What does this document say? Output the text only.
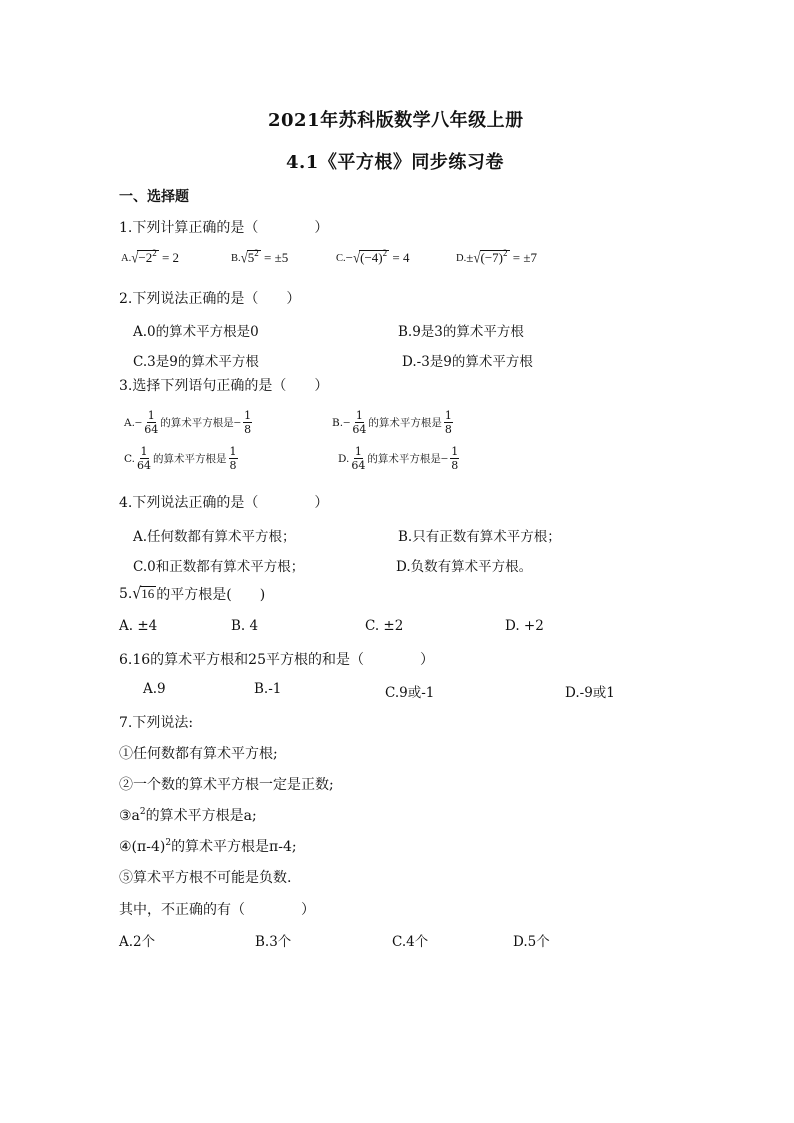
2021年苏科版数学八年级上册
4.1《平方根》同步练习卷
一、选择题
1.下列计算正确的是（　　　　）
A. √ $-2^2$
= 2	B. √ $5^2$
= ±5	C. − √ $(-4)^2$
= 4	D. ± √ $(-7)^2$
= ±7
2.下列说法正确的是（　　）
A.0的算术平方根是0	B.9是3的算术平方根
C.3是9的算术平方根	D.-3是9的算术平方根
3.选择下列语句正确的是（　　）
A. − $\frac{1}{64}$ 的算术平方根是 − $\frac{1}{8}$	B. − $\frac{1}{64}$ 的算术平方根是 $\frac{1}{8}$
C. $\frac{1}{64}$ 的算术平方根是 $\frac{1}{8}$	D. $\frac{1}{64}$ 的算术平方根是 − $\frac{1}{8}$
4.下列说法正确的是（　　　　）
A.任何数都有算术平方根；	B.只有正数有算术平方根；
C.0和正数都有算术平方根；	D.负数有算术平方根。
5. √ 16 的平方根是(　　)
A. ±4	B. 4	C. ±2	D. +2
6.16的算术平方根和25平方根的和是（　　　　）
A.9	B.-1	C.9或-1	D.-9或1
7.下列说法:
①任何数都有算术平方根;
②一个数的算术平方根一定是正数;
$③a^2$的算术平方根是a;
$④(\pi-4)^2$的算术平方根是π-4;
⑤算术平方根不可能是负数.
其中，不正确的有（　　　　）
A.2个	B.3个	C.4个	D.5个
